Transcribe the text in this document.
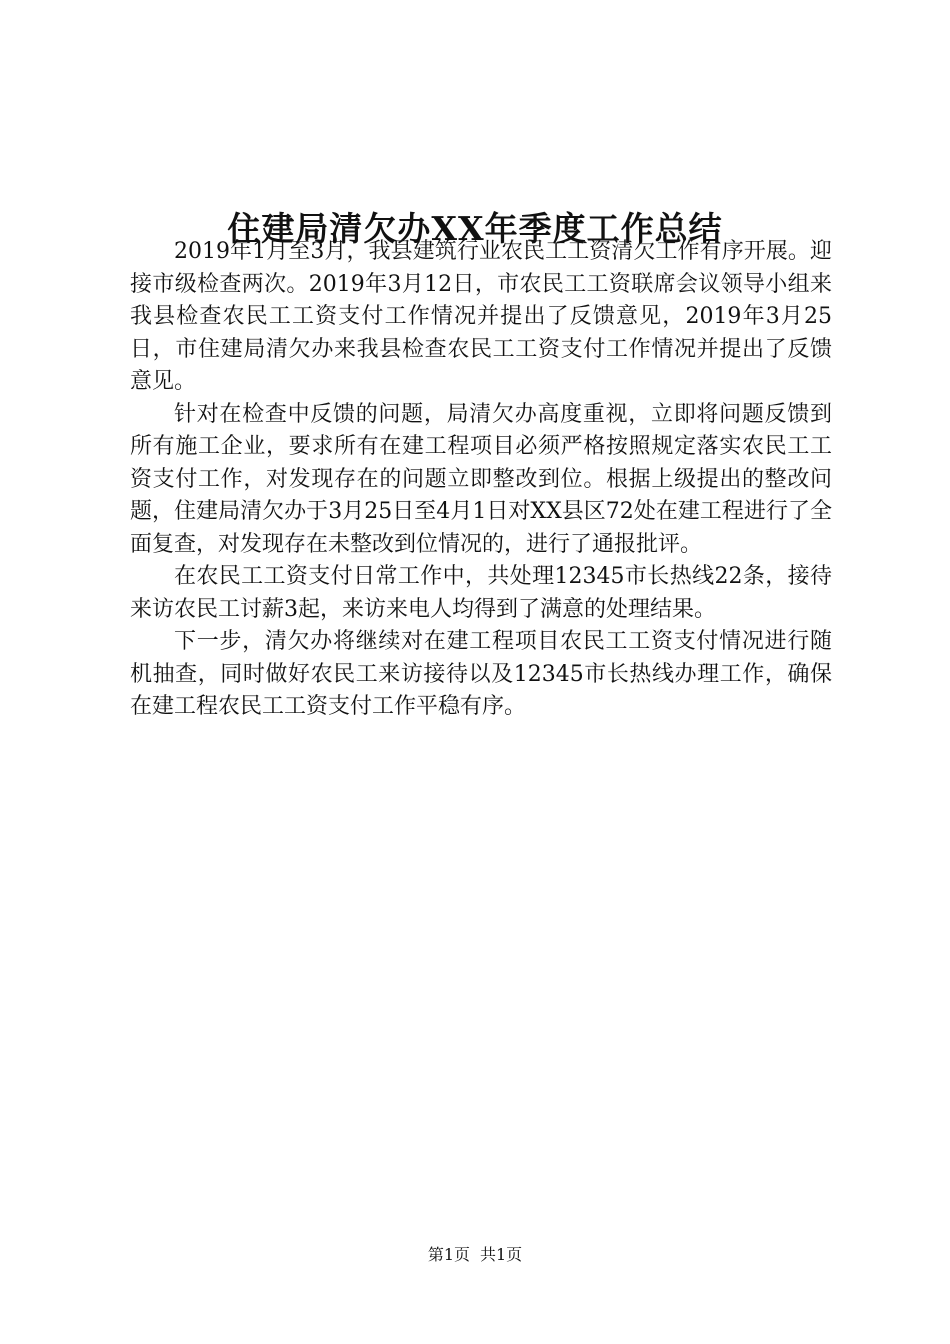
住建局清欠办XX年季度工作总结

2019年1月至3月，我县建筑行业农民工工资清欠工作有序开展。迎接市级检查两次。2019年3月12日，市农民工工资联席会议领导小组来我县检查农民工工资支付工作情况并提出了反馈意见，2019年3月25日，市住建局清欠办来我县检查农民工工资支付工作情况并提出了反馈意见。

针对在检查中反馈的问题，局清欠办高度重视，立即将问题反馈到所有施工企业，要求所有在建工程项目必须严格按照规定落实农民工工资支付工作，对发现存在的问题立即整改到位。根据上级提出的整改问题，住建局清欠办于3月25日至4月1日对XX县区72处在建工程进行了全面复查，对发现存在未整改到位情况的，进行了通报批评。

在农民工工资支付日常工作中，共处理12345市长热线22条，接待来访农民工讨薪3起，来访来电人均得到了满意的处理结果。

下一步，清欠办将继续对在建工程项目农民工工资支付情况进行随机抽查，同时做好农民工来访接待以及12345市长热线办理工作，确保在建工程农民工工资支付工作平稳有序。

第1页 共1页
